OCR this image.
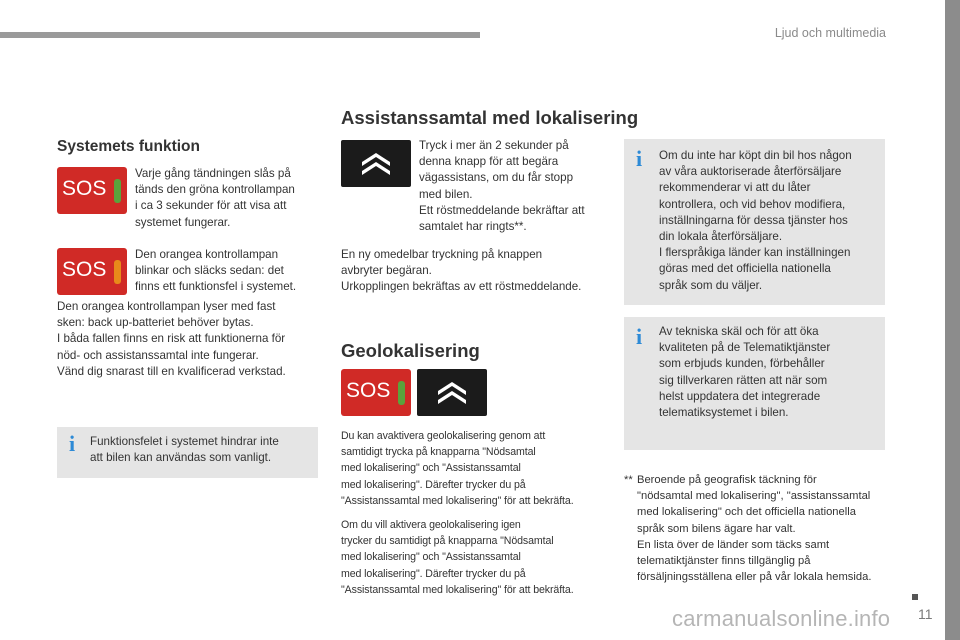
Ljud och multimedia
Systemets funktion
SOS
Varje gång tändningen slås på
tänds den gröna kontrollampan
i ca 3 sekunder för att visa att
systemet fungerar.
SOS
Den orangea kontrollampan
blinkar och släcks sedan: det
finns ett funktionsfel i systemet.
Den orangea kontrollampan lyser med fast
sken: back up-batteriet behöver bytas.
I båda fallen finns en risk att funktionerna för
nöd- och assistanssamtal inte fungerar.
Vänd dig snarast till en kvalificerad verkstad.
i Funktionsfelet i systemet hindrar inte
att bilen kan användas som vanligt.
Assistanssamtal med lokalisering
Tryck i mer än 2 sekunder på
denna knapp för att begära
vägassistans, om du får stopp
med bilen.
Ett röstmeddelande bekräftar att
samtalet har ringts**.
En ny omedelbar tryckning på knappen
avbryter begäran.
Urkopplingen bekräftas av ett röstmeddelande.
Geolokalisering
SOS
Du kan avaktivera geolokalisering genom att
samtidigt trycka på knapparna "Nödsamtal
med lokalisering" och "Assistanssamtal
med lokalisering". Därefter trycker du på
"Assistanssamtal med lokalisering" för att bekräfta.
Om du vill aktivera geolokalisering igen
trycker du samtidigt på knapparna "Nödsamtal
med lokalisering" och "Assistanssamtal
med lokalisering". Därefter trycker du på
"Assistanssamtal med lokalisering" för att bekräfta.
i Om du inte har köpt din bil hos någon
av våra auktoriserade återförsäljare
rekommenderar vi att du låter
kontrollera, och vid behov modifiera,
inställningarna för dessa tjänster hos
din lokala återförsäljare.
I flerspråkiga länder kan inställningen
göras med det officiella nationella
språk som du väljer.
i Av tekniska skäl och för att öka
kvaliteten på de Telematiktjänster
som erbjuds kunden, förbehåller
sig tillverkaren rätten att när som
helst uppdatera det integrerade
telematiksystemet i bilen.
** Beroende på geografisk täckning för
"nödsamtal med lokalisering", "assistanssamtal
med lokalisering" och det officiella nationella
språk som bilens ägare har valt.
En lista över de länder som täcks samt
telematiktjänster finns tillgänglig på
försäljningsställena eller på vår lokala hemsida.
carmanualsonline.info 11
